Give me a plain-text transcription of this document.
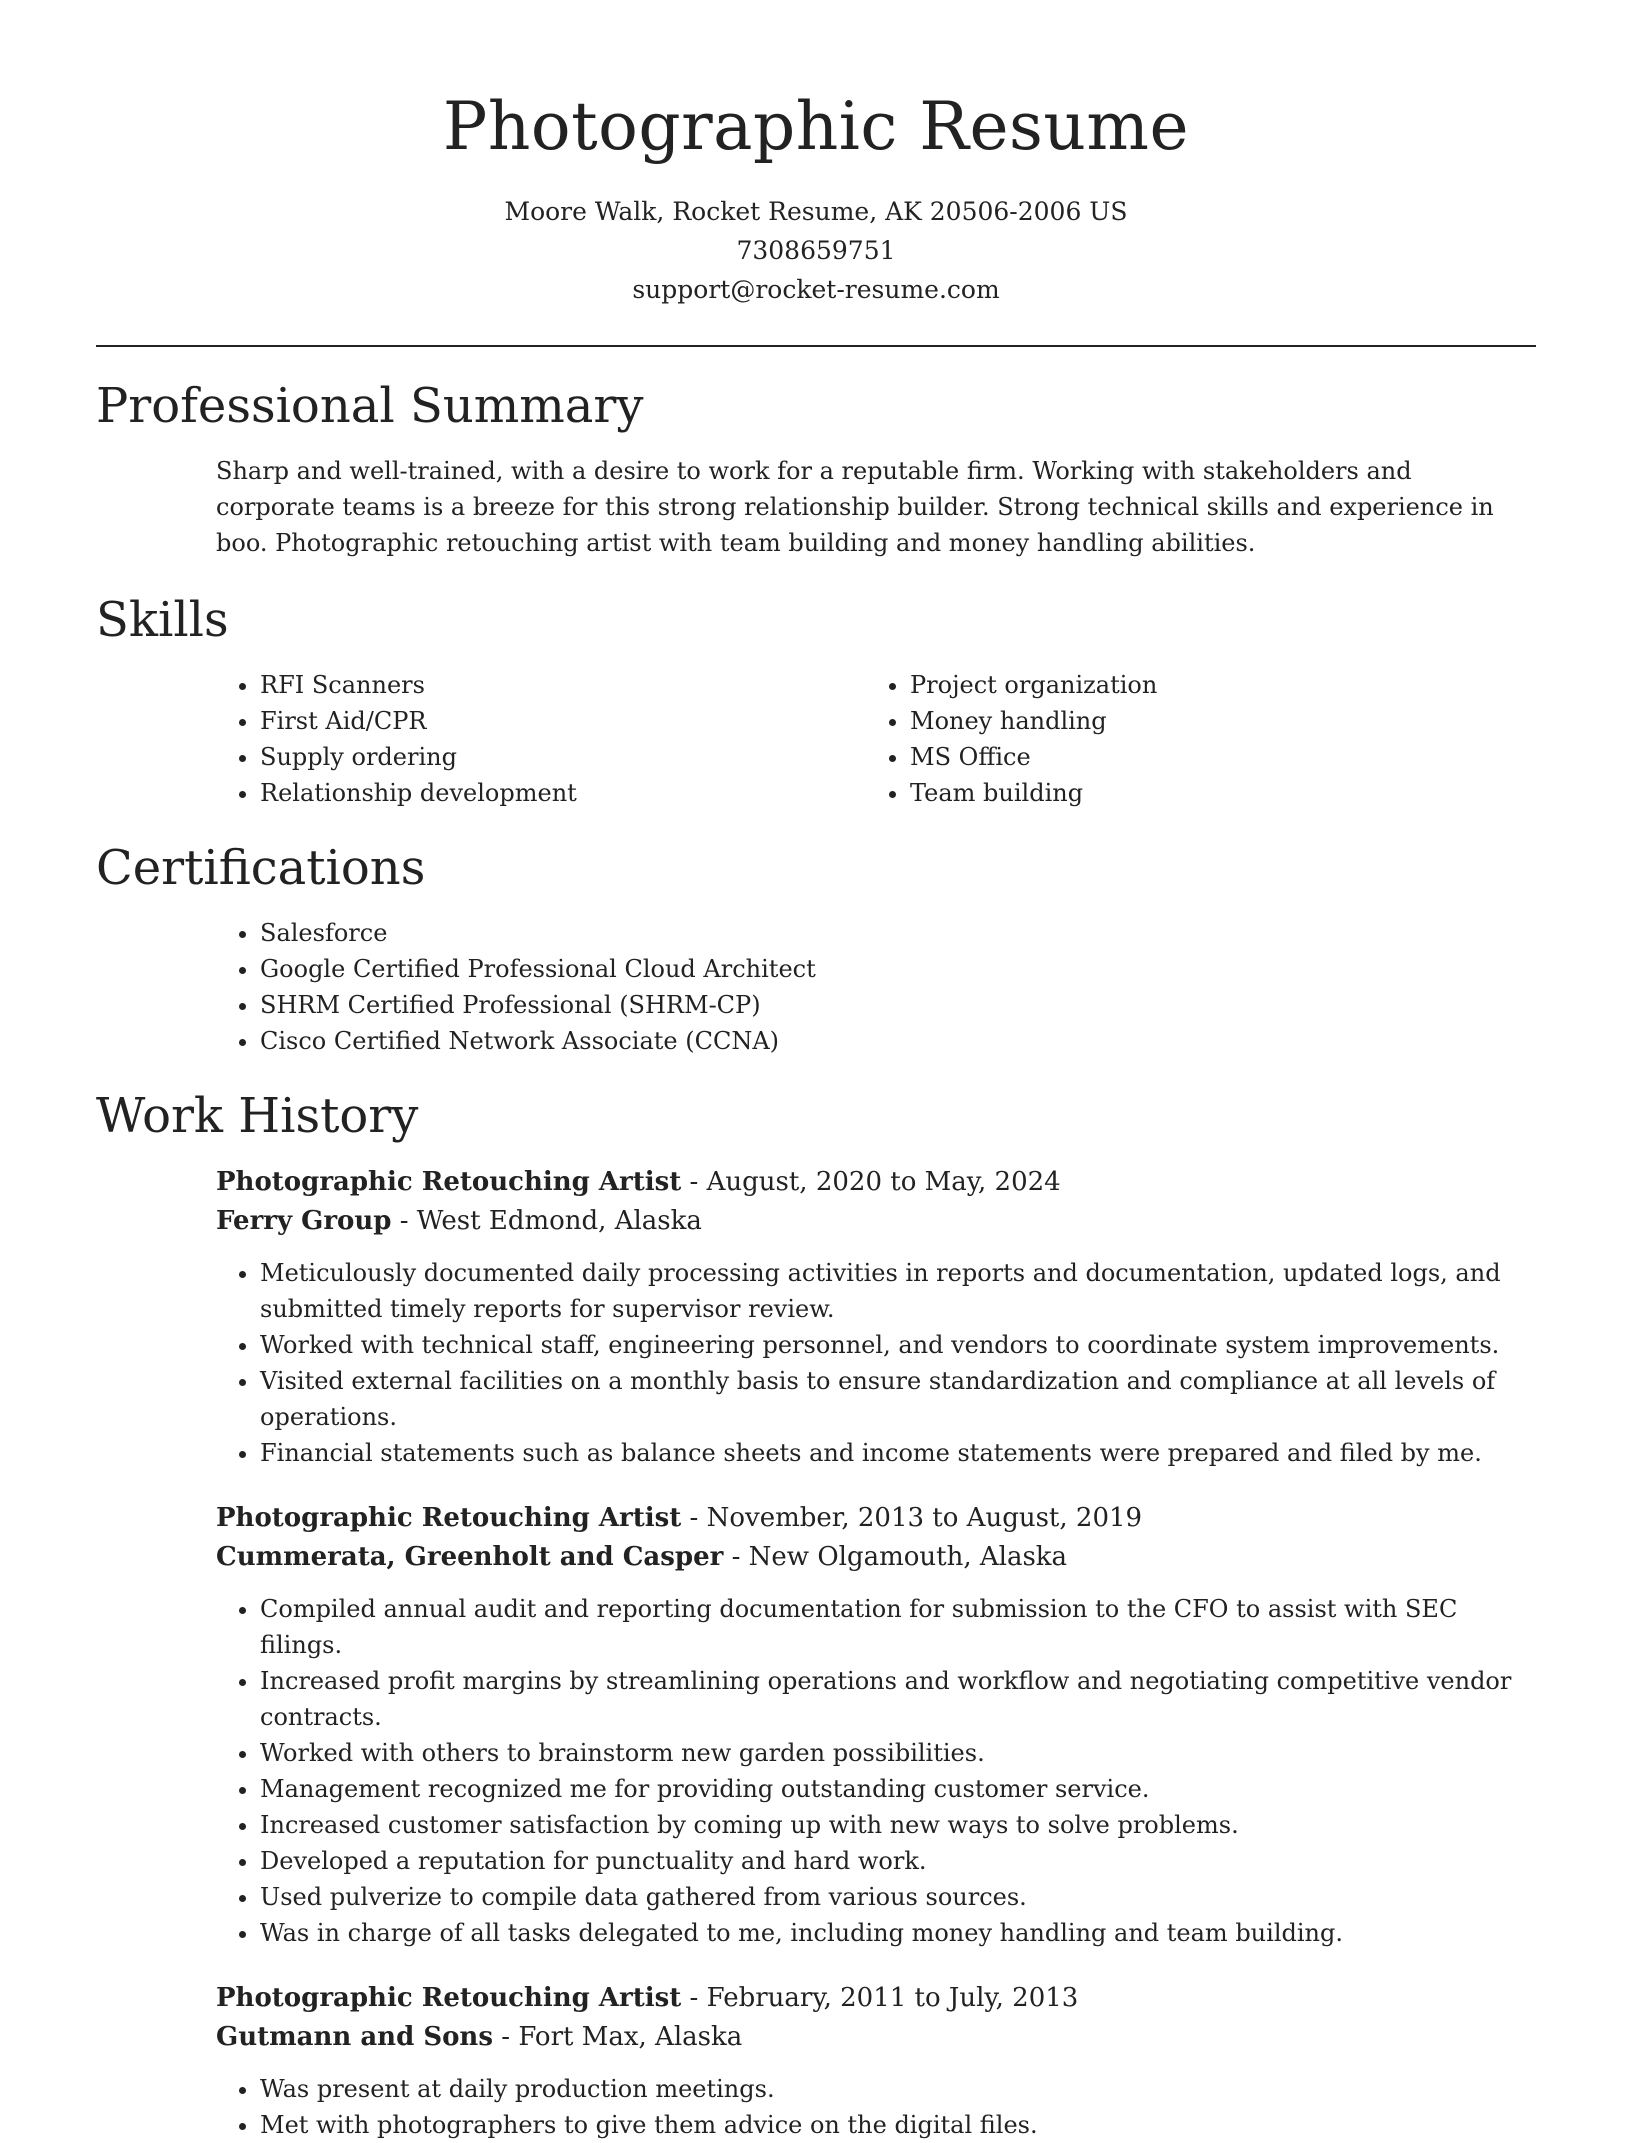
Photographic Resume
Moore Walk, Rocket Resume, AK 20506-2006 US
7308659751
support@rocket-resume.com
Professional Summary

Sharp and well-trained, with a desire to work for a reputable firm. Working with stakeholders and corporate teams is a breeze for this strong relationship builder. Strong technical skills and experience in boo. Photographic retouching artist with team building and money handling abilities.

Skills
• RFI Scanners
• First Aid/CPR
• Supply ordering
• Relationship development
• Project organization
• Money handling
• MS Office
• Team building
Certifications
• Salesforce
• Google Certified Professional Cloud Architect
• SHRM Certified Professional (SHRM-CP)
• Cisco Certified Network Associate (CCNA)
Work History

Photographic Retouching Artist - August, 2020 to May, 2024

Ferry Group - West Edmond, Alaska

• Meticulously documented daily processing activities in reports and documentation, updated logs, and submitted timely reports for supervisor review.
• Worked with technical staff, engineering personnel, and vendors to coordinate system improvements.
• Visited external facilities on a monthly basis to ensure standardization and compliance at all levels of operations.
• Financial statements such as balance sheets and income statements were prepared and filed by me.

Photographic Retouching Artist - November, 2013 to August, 2019

Cummerata, Greenholt and Casper - New Olgamouth, Alaska

• Compiled annual audit and reporting documentation for submission to the CFO to assist with SEC filings.
• Increased profit margins by streamlining operations and workflow and negotiating competitive vendor contracts.
• Worked with others to brainstorm new garden possibilities.
• Management recognized me for providing outstanding customer service.
• Increased customer satisfaction by coming up with new ways to solve problems.
• Developed a reputation for punctuality and hard work.
• Used pulverize to compile data gathered from various sources.
• Was in charge of all tasks delegated to me, including money handling and team building.

Photographic Retouching Artist - February, 2011 to July, 2013

Gutmann and Sons - Fort Max, Alaska

• Was present at daily production meetings.
• Met with photographers to give them advice on the digital files.
